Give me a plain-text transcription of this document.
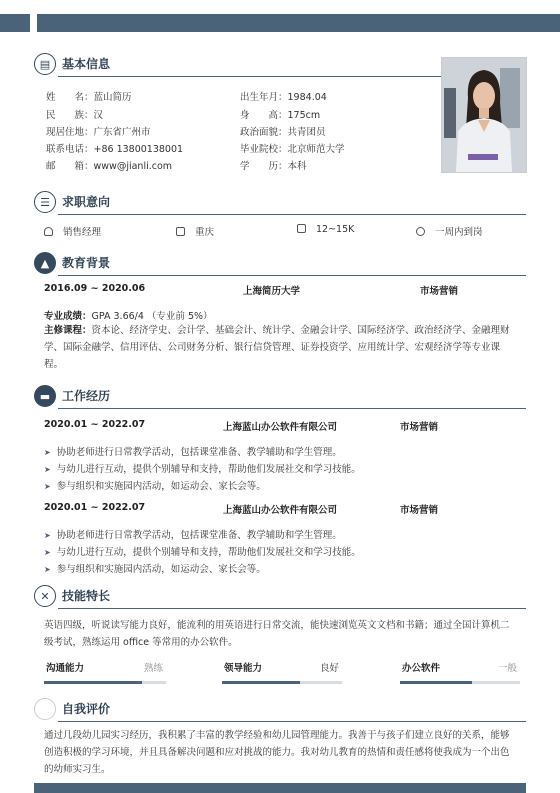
▤ 基本信息
姓　　名：蓝山简历
民　　族：汉
现居住地：广东省广州市
联系电话：+86 13800138001
邮　　箱：www@jianli.com
出生年月：1984.04
身　　高：175cm
政治面貌：共青团员
毕业院校：北京师范大学
学　　历：本科
☰	求职意向
销售经理	重庆	12~15K	一周内到岗
▲	教育背景
2016.09 ~ 2020.06	上海简历大学	市场营销
专业成绩：GPA 3.66/4 （专业前 5%）
主修课程：资本论、经济学史、会计学、基础会计、统计学、金融会计学、国际经济学、政治经济学、金融理财学、国际金融学、信用评估、公司财务分析、银行信贷管理、证券投资学、应用统计学、宏观经济学等专业课程。
▬ 工作经历
2020.01 ~ 2022.07	上海蓝山办公软件有限公司	市场营销
➤ 协助老师进行日常教学活动，包括课堂准备、教学辅助和学生管理。
➤ 与幼儿进行互动，提供个别辅导和支持，帮助他们发展社交和学习技能。
➤ 参与组织和实施园内活动，如运动会、家长会等。
2020.01 ~ 2022.07	上海蓝山办公软件有限公司	市场营销
➤ 协助老师进行日常教学活动，包括课堂准备、教学辅助和学生管理。
➤ 与幼儿进行互动，提供个别辅导和支持，帮助他们发展社交和学习技能。
➤ 参与组织和实施园内活动，如运动会、家长会等。
✕	技能特长
英语四级，听说读写能力良好，能流利的用英语进行日常交流，能快速浏览英文文档和书籍；通过全国计算机二级考试，熟练运用 office 等常用的办公软件。
沟通能力	熟练	领导能力	良好	办公软件	一般
自我评价
通过几段幼儿园实习经历，我积累了丰富的教学经验和幼儿园管理能力。我善于与孩子们建立良好的关系，能够创造积极的学习环境，并且具备解决问题和应对挑战的能力。我对幼儿教育的热情和责任感将使我成为一个出色的幼师实习生。
